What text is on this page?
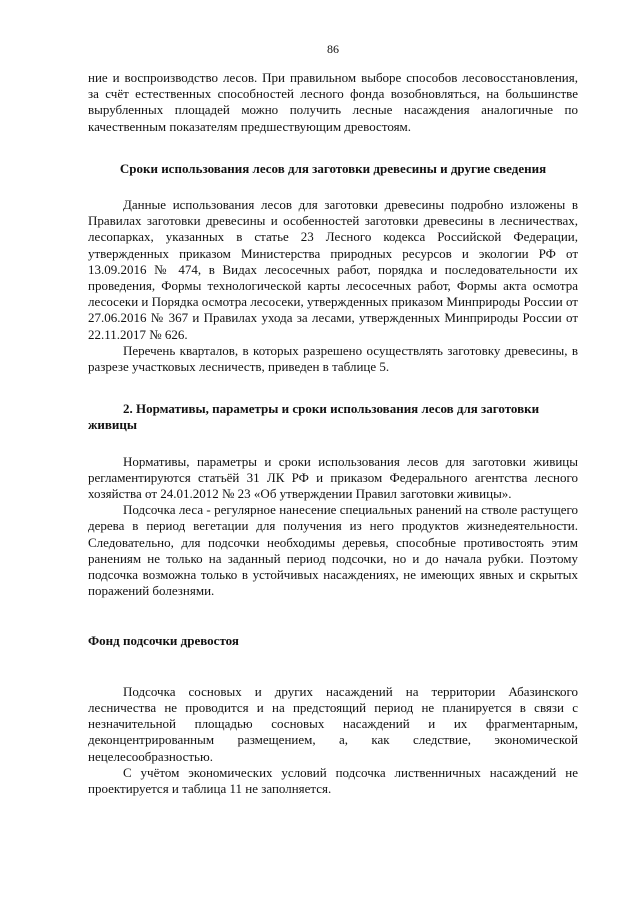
86

ние и воспроизводство лесов. При правильном выборе способов лесовосстановления, за счёт естественных способностей лесного фонда возобновляться, на большинстве вырубленных площадей можно получить лесные насаждения аналогичные по качественным показателям предшествующим древостоям.

Сроки использования лесов для заготовки древесины и другие сведения

Данные использования лесов для заготовки древесины подробно изложены в Правилах заготовки древесины и особенностей заготовки древесины в лесничествах, лесопарках, указанных в статье 23 Лесного кодекса Российской Федерации, утвержденных приказом Министерства природных ресурсов и экологии РФ от 13.09.2016 № 474, в Видах лесосечных работ, порядка и последовательности их проведения, Формы технологической карты лесосечных работ, Формы акта осмотра лесосеки и Порядка осмотра лесосеки, утвержденных приказом Минприроды России от 27.06.2016 № 367 и Правилах ухода за лесами, утвержденных Минприроды России от 22.11.2017 № 626.

Перечень кварталов, в которых разрешено осуществлять заготовку древесины, в разрезе участковых лесничеств, приведен в таблице 5.

2. Нормативы, параметры и сроки использования лесов для заготовки живицы

Нормативы, параметры и сроки использования лесов для заготовки живицы регламентируются статьёй 31 ЛК РФ и приказом Федерального агентства лесного хозяйства от 24.01.2012 № 23 «Об утверждении Правил заготовки живицы».

Подсочка леса - регулярное нанесение специальных ранений на стволе растущего дерева в период вегетации для получения из него продуктов жизнедеятельности. Следовательно, для подсочки необходимы деревья, способные противостоять этим ранениям не только на заданный период подсочки, но и до начала рубки. Поэтому подсочка возможна только в устойчивых насаждениях, не имеющих явных и скрытых поражений болезнями.

Фонд подсочки древостоя

Подсочка сосновых и других насаждений на территории Абазинского лесничества не проводится и на предстоящий период не планируется в связи с незначительной площадью сосновых насаждений и их фрагментарным, деконцентрированным размещением, а, как следствие, экономической нецелесообразностью.

С учётом экономических условий подсочка лиственничных насаждений не проектируется и таблица 11 не заполняется.
